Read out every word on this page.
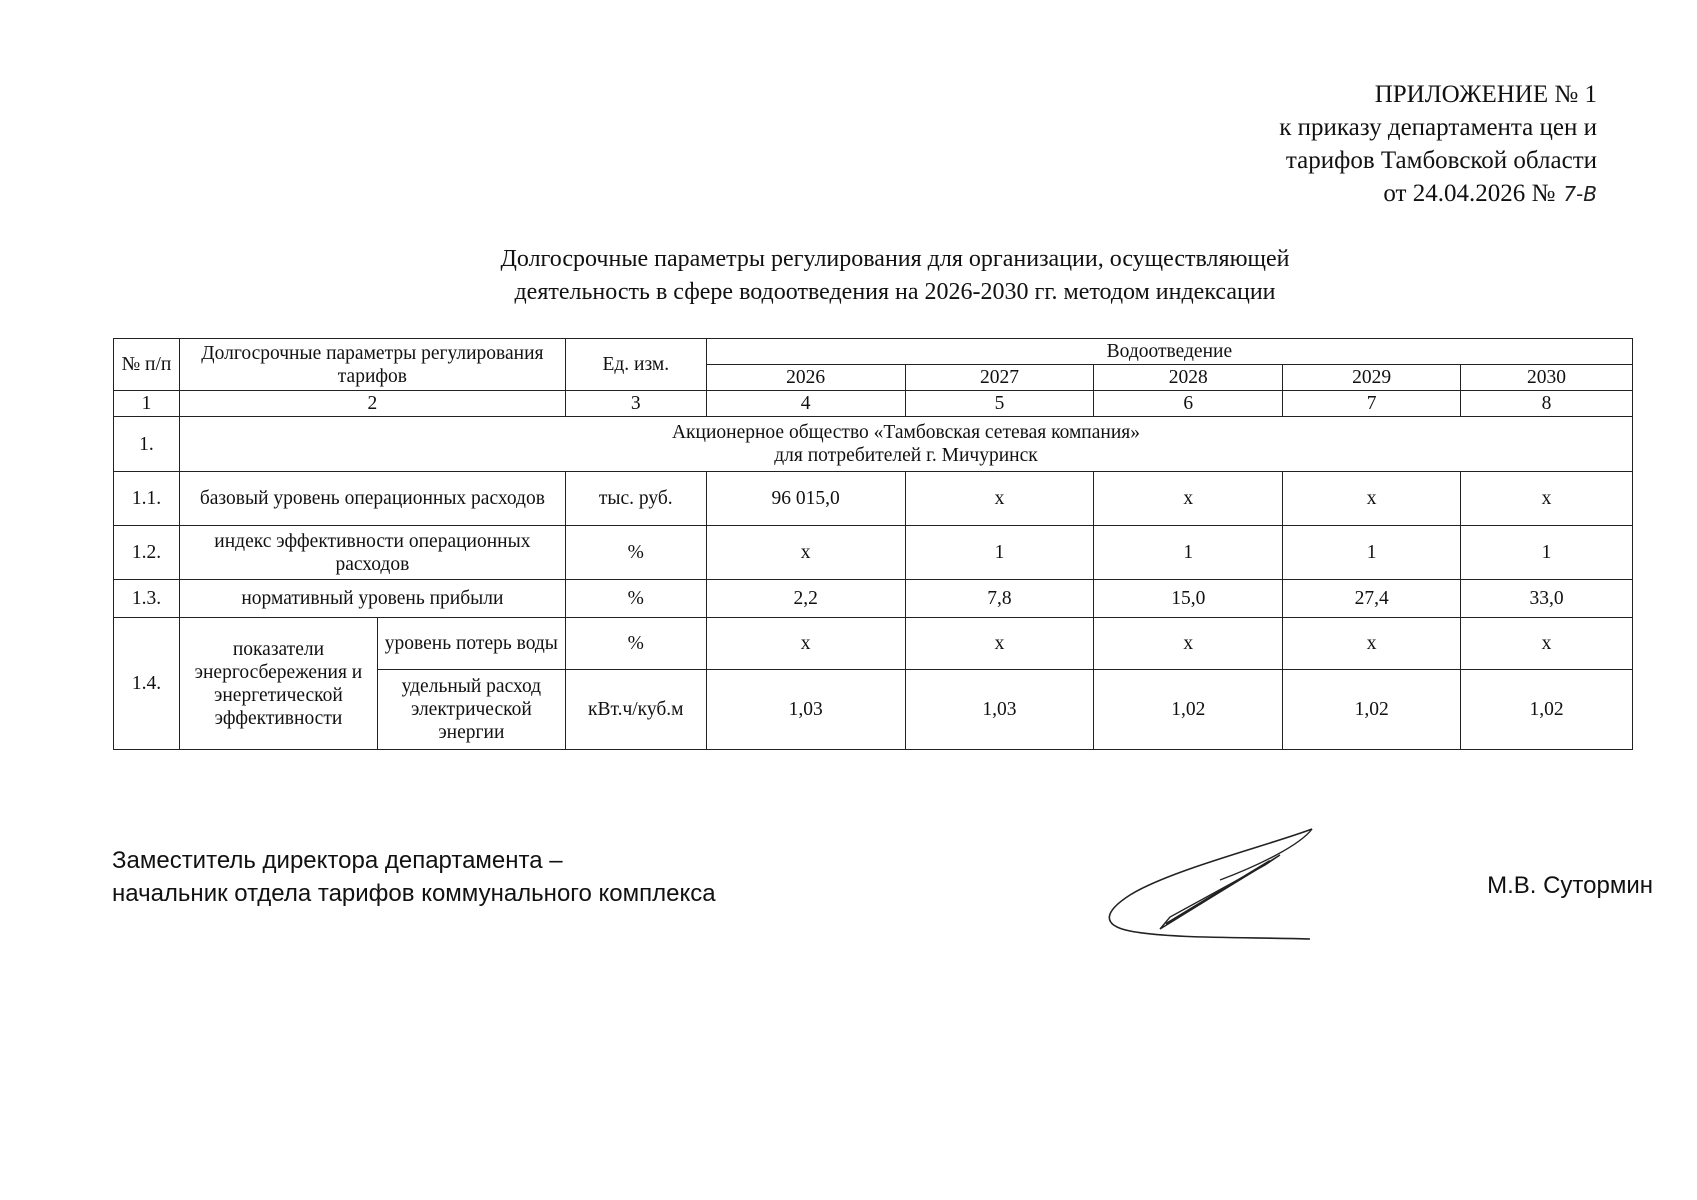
ПРИЛОЖЕНИЕ № 1
к приказу департамента цен и
тарифов Тамбовской области
от 24.04.2026 № 7-В
Долгосрочные параметры регулирования для организации, осуществляющей
деятельность в сфере водоотведения на 2026-2030 гг. методом индексации
№ п/п	Долгосрочные параметры регулирования тарифов		Ед. изм.	Водоотведение				
				2026	2027	2028	2029	2030
1	2		3	4	5	6	7	8
1.	Акционерное общество «Тамбовская сетевая компания»
для потребителей г. Мичуринск							

1.1.	базовый уровень операционных расходов		тыс. руб.	96 015,0	х	х	х	х
1.2.	индекс эффективности операционных расходов		%	х	1	1	1	1
1.3.	нормативный уровень прибыли		%	2,2	7,8	15,0	27,4	33,0
1.4.	показатели энергосбережения и энергетической эффективности	уровень потерь воды	%	х	х	х	х	х
		удельный расход электрической энергии	кВт.ч/куб.м	1,03	1,03	1,02	1,02	1,02
Заместитель директора департамента –
начальник отдела тарифов коммунального комплекса	М.В. Сутормин
